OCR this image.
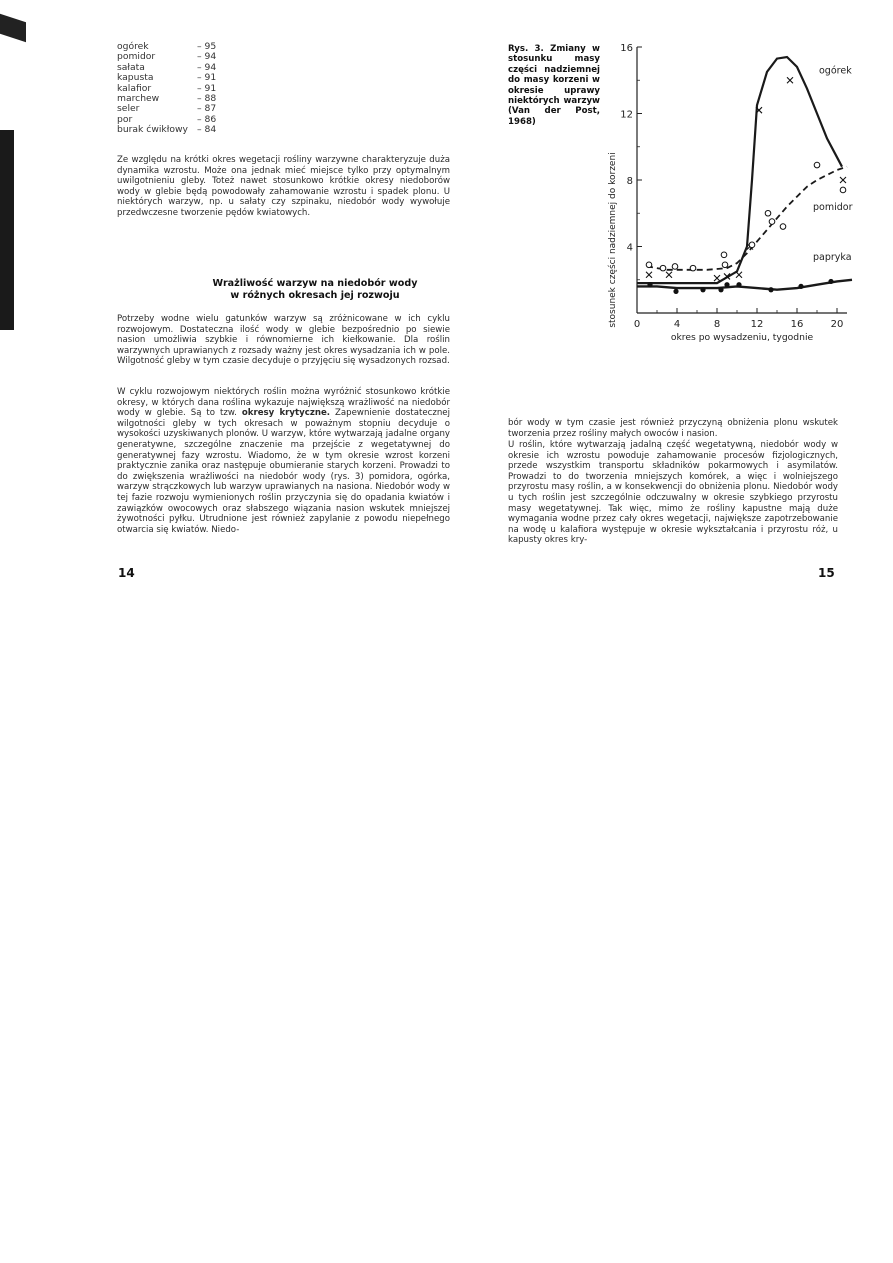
ogórek	– 95
pomidor	– 94
sałata	– 94
kapusta	– 91
kalafior	– 91
marchew	– 88
seler	– 87
por	– 86
burak ćwikłowy – 84
Ze względu na krótki okres wegetacji rośliny warzywne charakteryzuje duża dynamika wzrostu. Może ona jednak mieć miejsce tylko przy optymalnym uwilgotnieniu gleby. Toteż nawet stosunkowo krótkie okresy niedoborów wody w glebie będą powodowały zahamowanie wzrostu i spadek plonu. U niektórych warzyw, np. u sałaty czy szpinaku, niedobór wody wywołuje przedwczesne tworzenie pędów kwiatowych.
Wrażliwość warzyw na niedobór wody
w różnych okresach jej rozwoju
Potrzeby wodne wielu gatunków warzyw są zróżnicowane w ich cyklu rozwojowym. Dostateczna ilość wody w glebie bezpośrednio po siewie nasion umożliwia szybkie i równomierne ich kiełkowanie. Dla roślin warzywnych uprawianych z rozsady ważny jest okres wysadzania ich w pole. Wilgotność gleby w tym czasie decyduje o przyjęciu się wysadzonych rozsad.
W cyklu rozwojowym niektórych roślin można wyróżnić stosunkowo krótkie okresy, w których dana roślina wykazuje największą wrażliwość na niedobór wody w glebie. Są to tzw. okresy krytyczne. Zapewnienie dostatecznej wilgotności gleby w tych okresach w poważnym stopniu decyduje o wysokości uzyskiwanych plonów. U warzyw, które wytwarzają jadalne organy generatywne, szczególne znaczenie ma przejście z wegetatywnej do generatywnej fazy wzrostu. Wiadomo, że w tym okresie wzrost korzeni praktycznie zanika oraz następuje obumieranie starych korzeni. Prowadzi to do zwiększenia wrażliwości na niedobór wody (rys. 3) pomidora, ogórka, warzyw strączkowych lub warzyw uprawianych na nasiona. Niedobór wody w tej fazie rozwoju wymienionych roślin przyczynia się do opadania kwiatów i zawiązków owocowych oraz słabszego wiązania nasion wskutek mniejszej żywotności pyłku. Utrudnione jest również zapylanie z powodu niepełnego otwarcia się kwiatów. Niedo-
14
Rys. 3. Zmiany w stosunku masy części nadziemnej do masy korzeni w okresie uprawy niektórych warzyw (Van der Post, 1968)
0	4	8	12	16	20
4
8
12
16
okres po wysadzeniu, tygodnie
stosunek części nadziemnej do korzeni
ogórek
pomidor
papryka
bór wody w tym czasie jest również przyczyną obniżenia plonu wskutek tworzenia przez rośliny małych owoców i nasion.
U roślin, które wytwarzają jadalną część wegetatywną, niedobór wody w okresie ich wzrostu powoduje zahamowanie procesów fizjologicznych, przede wszystkim transportu składników pokarmowych i asymilatów. Prowadzi to do tworzenia mniejszych komórek, a więc i wolniejszego przyrostu masy roślin, a w konsekwencji do obniżenia plonu. Niedobór wody u tych roślin jest szczególnie odczuwalny w okresie szybkiego przyrostu masy wegetatywnej. Tak więc, mimo że rośliny kapustne mają duże wymagania wodne przez cały okres wegetacji, największe zapotrzebowanie na wodę u kalafiora występuje w okresie wykształcania i przyrostu róż, u kapusty okres kry-
15
